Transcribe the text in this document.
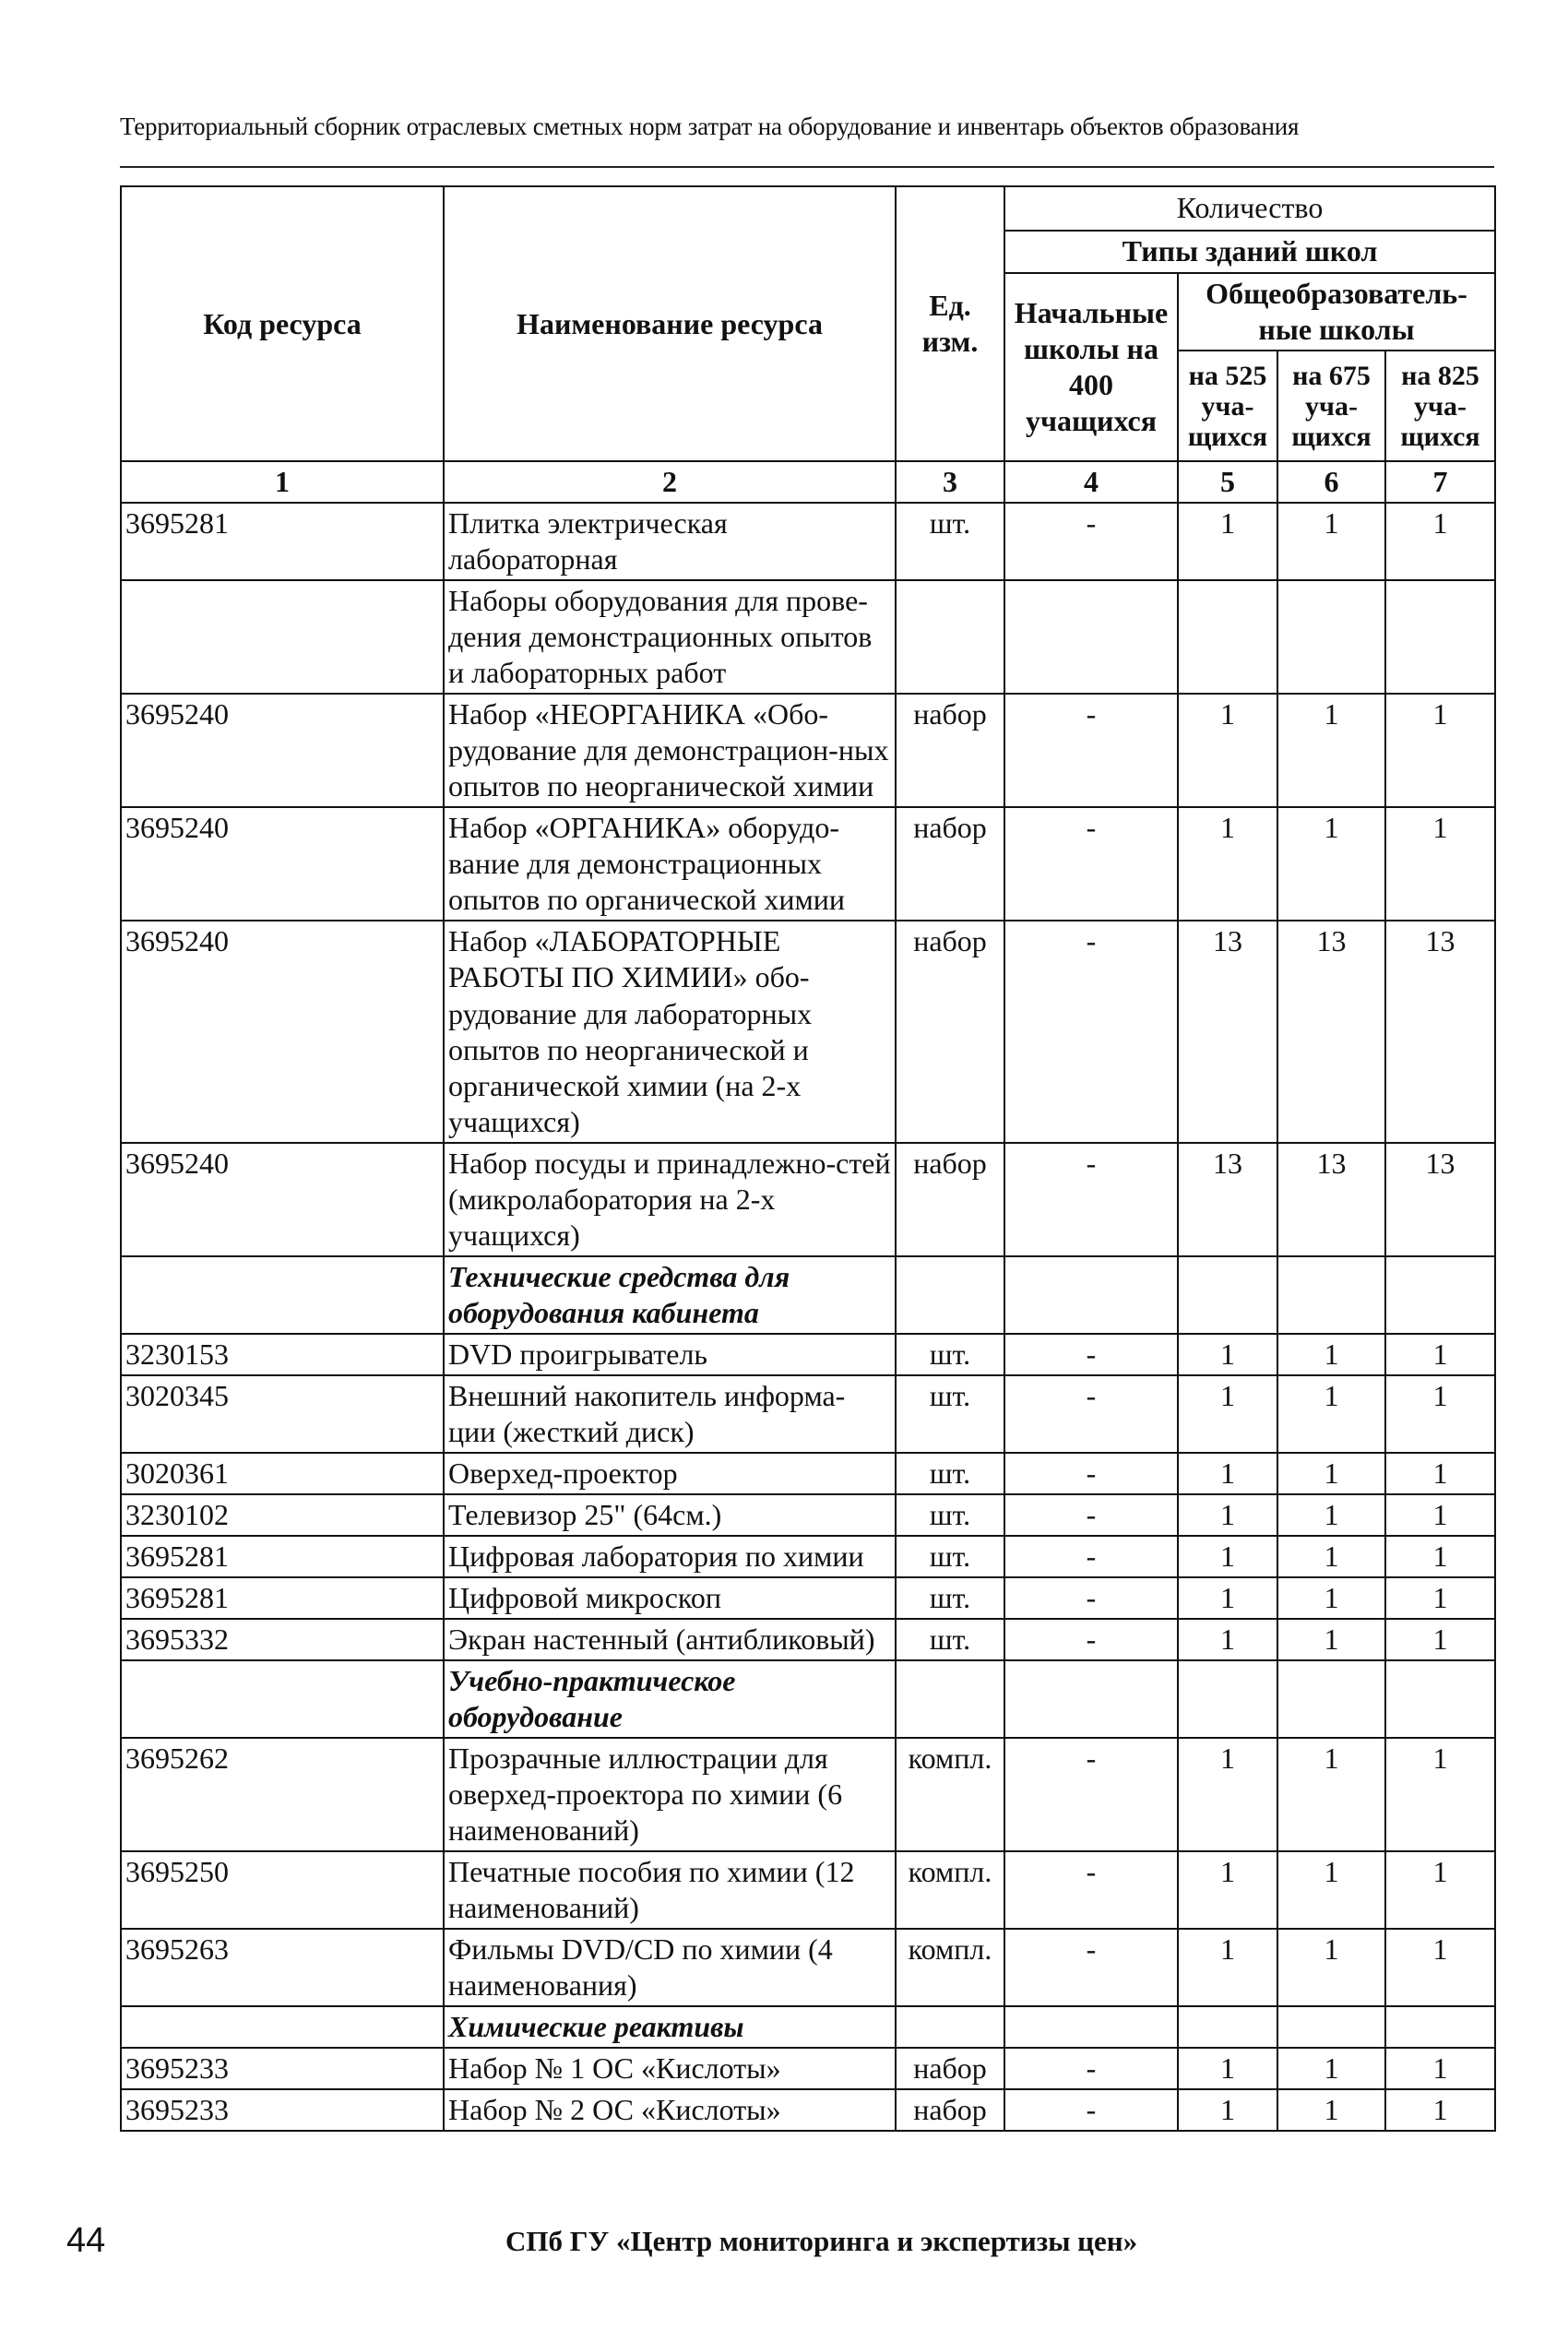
Территориальный сборник отраслевых сметных норм затрат на оборудование и инвентарь объектов образования
Код ресурса	Наименование ресурса	Ед. изм.	Количество			
			Типы зданий школ			
			Начальные школы на 400 учащихся	Общеобразователь-ные школы		
				на 525 уча-щихся	на 675 уча-щихся	на 825 уча-щихся
1	2	3	4	5	6	7
3695281	Плитка электрическая лабораторная	шт.	-	1	1	1
	Наборы оборудования для прове-дения демонстрационных опытов и лабораторных работ					
3695240	Набор «НЕОРГАНИКА «Обо-рудование для демонстрацион-ных опытов по неорганической химии	набор	-	1	1	1
3695240	Набор «ОРГАНИКА» оборудо-вание для демонстрационных опытов по органической химии	набор	-	1	1	1
3695240	Набор «ЛАБОРАТОРНЫЕ РАБОТЫ ПО ХИМИИ» обо-рудование для лабораторных опытов по неорганической и органической химии (на 2-х учащихся)	набор	-	13	13	13
3695240	Набор посуды и принадлежно-стей (микролаборатория на 2-х учащихся)	набор	-	13	13	13
	Технические средства для оборудования кабинета					
3230153	DVD проигрыватель	шт.	-	1	1	1
3020345	Внешний накопитель информа-ции (жесткий диск)	шт.	-	1	1	1
3020361	Оверхед-проектор	шт.	-	1	1	1
3230102	Телевизор 25" (64см.)	шт.	-	1	1	1
3695281	Цифровая лаборатория по химии	шт.	-	1	1	1
3695281	Цифровой микроскоп	шт.	-	1	1	1
3695332	Экран настенный (антибликовый)	шт.	-	1	1	1
	Учебно-практическое оборудование					
3695262	Прозрачные иллюстрации для оверхед-проектора по химии (6 наименований)	компл.	-	1	1	1
3695250	Печатные пособия по химии (12 наименований)	компл.	-	1	1	1
3695263	Фильмы DVD/CD по химии (4 наименования)	компл.	-	1	1	1
	Химические реактивы					
3695233	Набор № 1 ОС «Кислоты»	набор	-	1	1	1
3695233	Набор № 2 ОС «Кислоты»	набор	-	1	1	1
44	СПб ГУ «Центр мониторинга и экспертизы цен»
